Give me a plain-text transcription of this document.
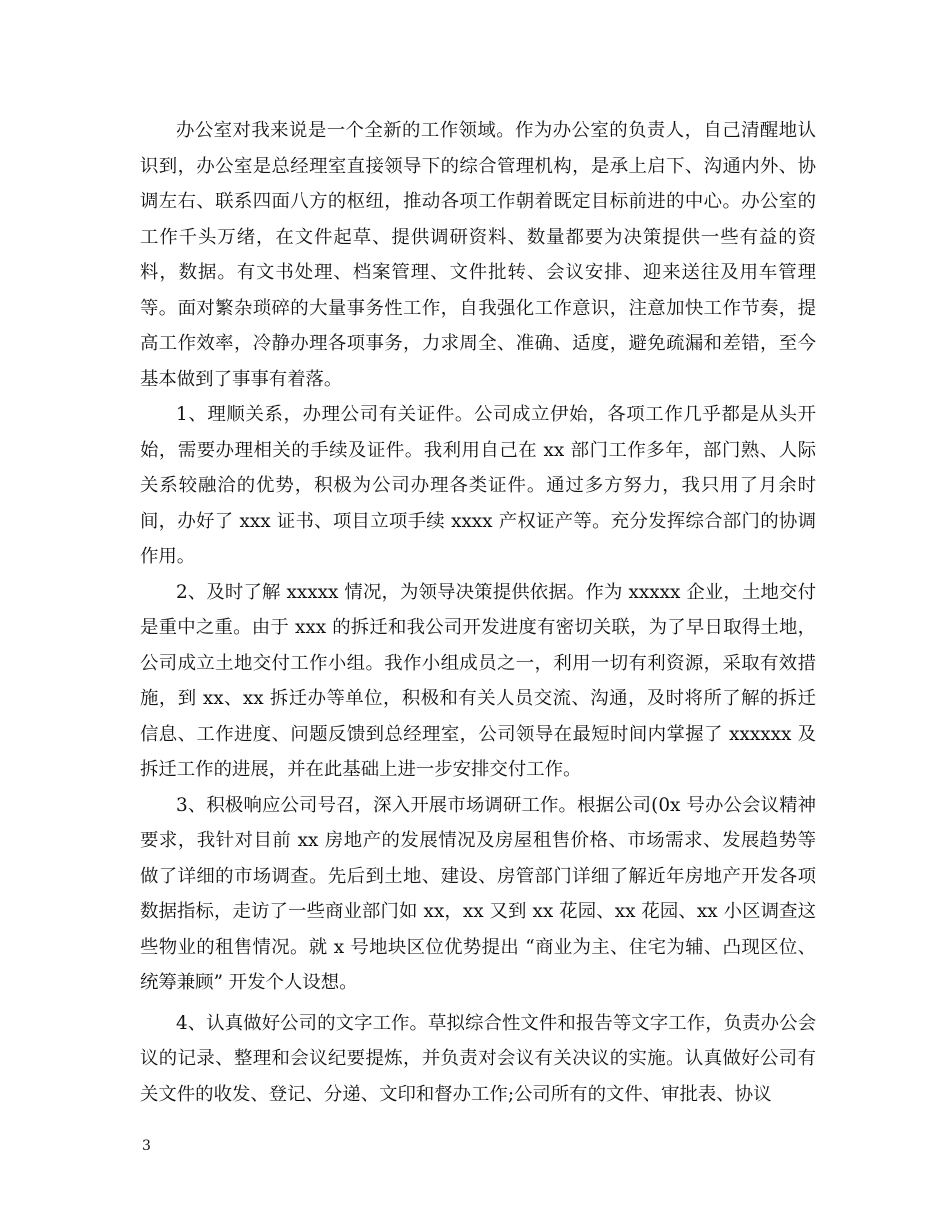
办公室对我来说是一个全新的工作领域。作为办公室的负责人，自己清醒地认识到，办公室是总经理室直接领导下的综合管理机构，是承上启下、沟通内外、协调左右、联系四面八方的枢纽，推动各项工作朝着既定目标前进的中心。办公室的工作千头万绪，在文件起草、提供调研资料、数量都要为决策提供一些有益的资料，数据。有文书处理、档案管理、文件批转、会议安排、迎来送往及用车管理等。面对繁杂琐碎的大量事务性工作，自我强化工作意识，注意加快工作节奏，提高工作效率，冷静办理各项事务，力求周全、准确、适度，避免疏漏和差错，至今基本做到了事事有着落。

1、理顺关系，办理公司有关证件。公司成立伊始，各项工作几乎都是从头开始，需要办理相关的手续及证件。我利用自己在 xx 部门工作多年，部门熟、人际关系较融洽的优势，积极为公司办理各类证件。通过多方努力，我只用了月余时间，办好了 xxx 证书、项目立项手续 xxxx 产权证产等。充分发挥综合部门的协调作用。

2、及时了解 xxxxx 情况，为领导决策提供依据。作为 xxxxx 企业，土地交付是重中之重。由于 xxx 的拆迁和我公司开发进度有密切关联，为了早日取得土地，公司成立土地交付工作小组。我作小组成员之一，利用一切有利资源，采取有效措施，到 xx、xx 拆迁办等单位，积极和有关人员交流、沟通，及时将所了解的拆迁信息、工作进度、问题反馈到总经理室，公司领导在最短时间内掌握了 xxxxxx 及拆迁工作的进展，并在此基础上进一步安排交付工作。

3、积极响应公司号召，深入开展市场调研工作。根据公司(0x 号办公会议精神要求，我针对目前 xx 房地产的发展情况及房屋租售价格、市场需求、发展趋势等做了详细的市场调查。先后到土地、建设、房管部门详细了解近年房地产开发各项数据指标，走访了一些商业部门如 xx，xx 又到 xx 花园、xx 花园、xx 小区调查这些物业的租售情况。就 x 号地块区位优势提出 “商业为主、住宅为辅、凸现区位、统筹兼顾” 开发个人设想。

4、认真做好公司的文字工作。草拟综合性文件和报告等文字工作，负责办公会议的记录、整理和会议纪要提炼，并负责对会议有关决议的实施。认真做好公司有关文件的收发、登记、分递、文印和督办工作;公司所有的文件、审批表、协议

3
